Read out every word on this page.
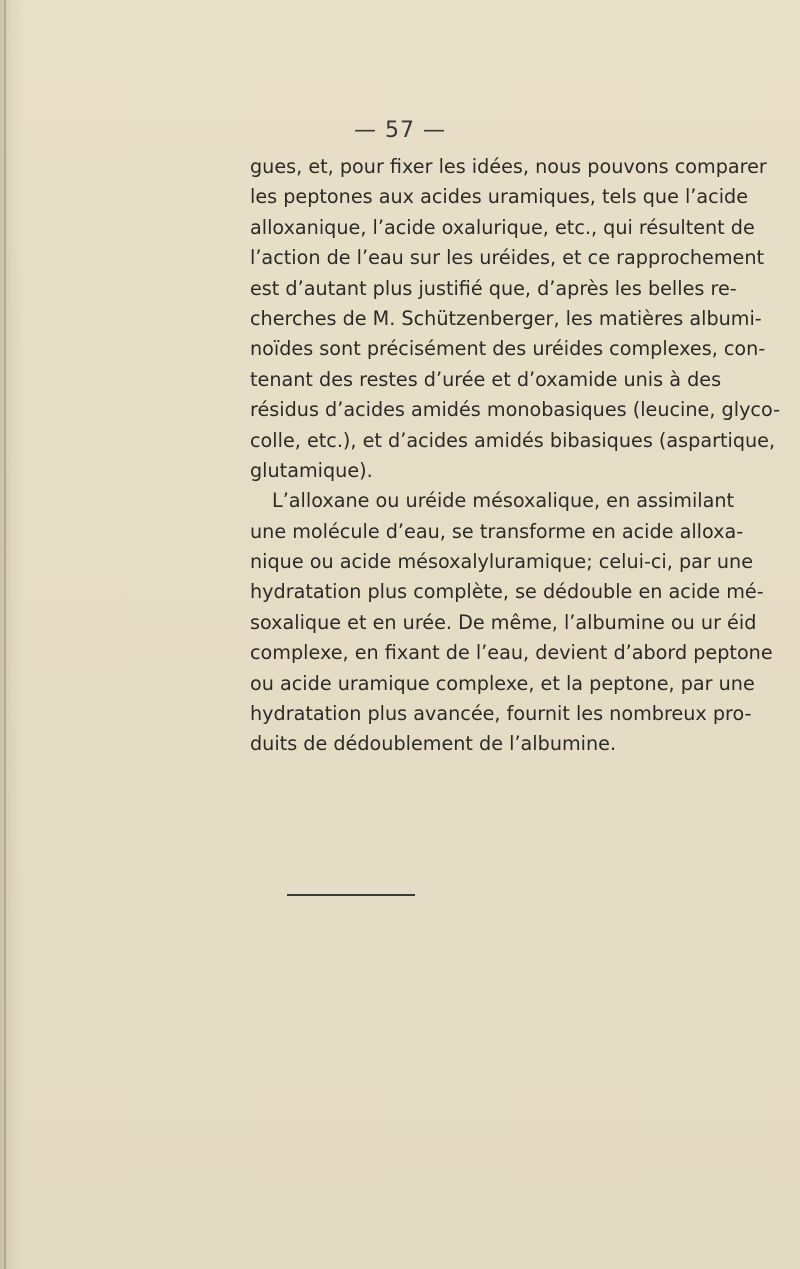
— 57 —
gues, et, pour fixer les idées, nous pouvons comparer
les peptones aux acides uramiques, tels que l’acide
alloxanique, l’acide oxalurique, etc., qui résultent de
l’action de l’eau sur les uréides, et ce rapprochement
est d’autant plus justifié que, d’après les belles re-
cherches de M. Schützenberger, les matières albumi-
noïdes sont précisément des uréides complexes, con-
tenant des restes d’urée et d’oxamide unis à des
résidus d’acides amidés monobasiques (leucine, glyco-
colle, etc.), et d’acides amidés bibasiques (aspartique,
glutamique).
L’alloxane ou uréide mésoxalique, en assimilant
une molécule d’eau, se transforme en acide alloxa-
nique ou acide mésoxalyluramique; celui-ci, par une
hydratation plus complète, se dédouble en acide mé-
soxalique et en urée. De même, l’albumine ou ur éid
complexe, en fixant de l’eau, devient d’abord peptone
ou acide uramique complexe, et la peptone, par une
hydratation plus avancée, fournit les nombreux pro-
duits de dédoublement de l’albumine.
